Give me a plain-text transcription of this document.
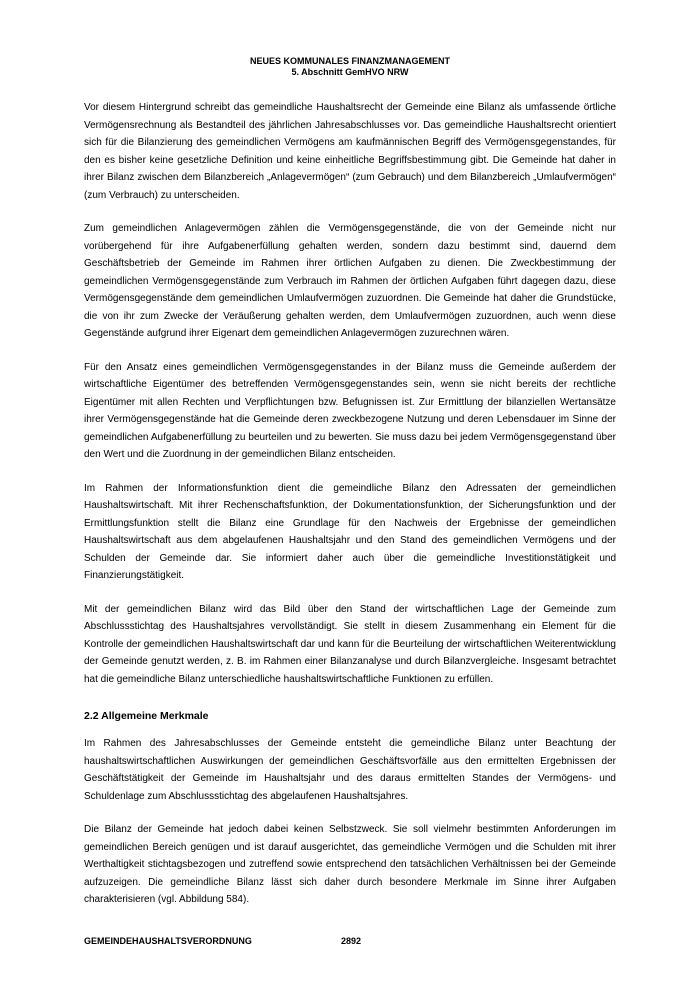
NEUES KOMMUNALES FINANZMANAGEMENT
5. Abschnitt GemHVO NRW

Vor diesem Hintergrund schreibt das gemeindliche Haushaltsrecht der Gemeinde eine Bilanz als umfassende örtliche Vermögensrechnung als Bestandteil des jährlichen Jahresabschlusses vor. Das gemeindliche Haushaltsrecht orientiert sich für die Bilanzierung des gemeindlichen Vermögens am kaufmännischen Begriff des Vermögensgegenstandes, für den es bisher keine gesetzliche Definition und keine einheitliche Begriffsbestimmung gibt. Die Gemeinde hat daher in ihrer Bilanz zwischen dem Bilanzbereich „Anlagevermögen“ (zum Gebrauch) und dem Bilanzbereich „Umlaufvermögen“ (zum Verbrauch) zu unterscheiden.

Zum gemeindlichen Anlagevermögen zählen die Vermögensgegenstände, die von der Gemeinde nicht nur vorübergehend für ihre Aufgabenerfüllung gehalten werden, sondern dazu bestimmt sind, dauernd dem Geschäftsbetrieb der Gemeinde im Rahmen ihrer örtlichen Aufgaben zu dienen. Die Zweckbestimmung der gemeindlichen Vermögensgegenstände zum Verbrauch im Rahmen der örtlichen Aufgaben führt dagegen dazu, diese Vermögensgegenstände dem gemeindlichen Umlaufvermögen zuzuordnen. Die Gemeinde hat daher die Grundstücke, die von ihr zum Zwecke der Veräußerung gehalten werden, dem Umlaufvermögen zuzuordnen, auch wenn diese Gegenstände aufgrund ihrer Eigenart dem gemeindlichen Anlagevermögen zuzurechnen wären.

Für den Ansatz eines gemeindlichen Vermögensgegenstandes in der Bilanz muss die Gemeinde außerdem der wirtschaftliche Eigentümer des betreffenden Vermögensgegenstandes sein, wenn sie nicht bereits der rechtliche Eigentümer mit allen Rechten und Verpflichtungen bzw. Befugnissen ist. Zur Ermittlung der bilanziellen Wertansätze ihrer Vermögensgegenstände hat die Gemeinde deren zweckbezogene Nutzung und deren Lebensdauer im Sinne der gemeindlichen Aufgabenerfüllung zu beurteilen und zu bewerten. Sie muss dazu bei jedem Vermögensgegenstand über den Wert und die Zuordnung in der gemeindlichen Bilanz entscheiden.

Im Rahmen der Informationsfunktion dient die gemeindliche Bilanz den Adressaten der gemeindlichen Haushaltswirtschaft. Mit ihrer Rechenschaftsfunktion, der Dokumentationsfunktion, der Sicherungsfunktion und der Ermittlungsfunktion stellt die Bilanz eine Grundlage für den Nachweis der Ergebnisse der gemeindlichen Haushaltswirtschaft aus dem abgelaufenen Haushaltsjahr und den Stand des gemeindlichen Vermögens und der Schulden der Gemeinde dar. Sie informiert daher auch über die gemeindliche Investitionstätigkeit und Finanzierungstätigkeit.

Mit der gemeindlichen Bilanz wird das Bild über den Stand der wirtschaftlichen Lage der Gemeinde zum Abschlussstichtag des Haushaltsjahres vervollständigt. Sie stellt in diesem Zusammenhang ein Element für die Kontrolle der gemeindlichen Haushaltswirtschaft dar und kann für die Beurteilung der wirtschaftlichen Weiterentwicklung der Gemeinde genutzt werden, z. B. im Rahmen einer Bilanzanalyse und durch Bilanzvergleiche. Insgesamt betrachtet hat die gemeindliche Bilanz unterschiedliche haushaltswirtschaftliche Funktionen zu erfüllen.

2.2 Allgemeine Merkmale

Im Rahmen des Jahresabschlusses der Gemeinde entsteht die gemeindliche Bilanz unter Beachtung der haushaltswirtschaftlichen Auswirkungen der gemeindlichen Geschäftsvorfälle aus den ermittelten Ergebnissen der Geschäftstätigkeit der Gemeinde im Haushaltsjahr und des daraus ermittelten Standes der Vermögens- und Schuldenlage zum Abschlussstichtag des abgelaufenen Haushaltsjahres.

Die Bilanz der Gemeinde hat jedoch dabei keinen Selbstzweck. Sie soll vielmehr bestimmten Anforderungen im gemeindlichen Bereich genügen und ist darauf ausgerichtet, das gemeindliche Vermögen und die Schulden mit ihrer Werthaltigkeit stichtagsbezogen und zutreffend sowie entsprechend den tatsächlichen Verhältnissen bei der Gemeinde aufzuzeigen. Die gemeindliche Bilanz lässt sich daher durch besondere Merkmale im Sinne ihrer Aufgaben charakterisieren (vgl. Abbildung 584).

GEMEINDEHAUSHALTSVERORDNUNG	2892
